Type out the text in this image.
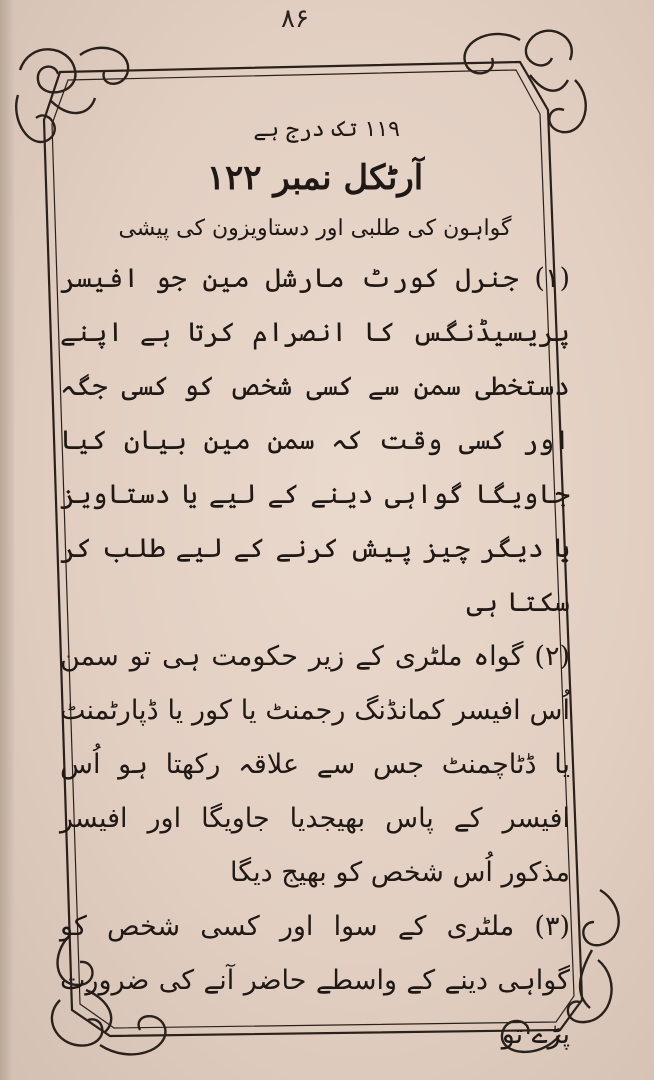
۸۶
۱۱۹ تک درج ہے
آرٹکل نمبر ۱۲۲
گواہون کی طلبی اور دستاویزون کی پیشی

(۱) جنرل کورٹ مارشل مین جو افیسر پریسیڈنگس کا انصرام کرتا ہے اپنے دستخطی سمن سے کسی شخص کو کسی جگہ اور کسی وقت کہ سمن مین بیان کیا جاویگا گواہی دینے کے لیے یا دستاویز یا دیگر چیز پیش کرنے کے لیے طلب کر سکتا ہی

(۲) گواہ ملٹری کے زیر حکومت ہی تو سمن اُس افیسر کمانڈنگ رجمنٹ یا کور یا ڈپارٹمنٹ یا ڈٹاچمنٹ جس سے علاقہ رکھتا ہو اُس افیسر کے پاس بھیجدیا جاویگا اور افیسر مذکور اُس شخص کو بھیج دیگا

(۳) ملٹری کے سوا اور کسی شخص کو گواہی دینے کے واسطے حاضر آنے کی ضرورت پڑے تو
